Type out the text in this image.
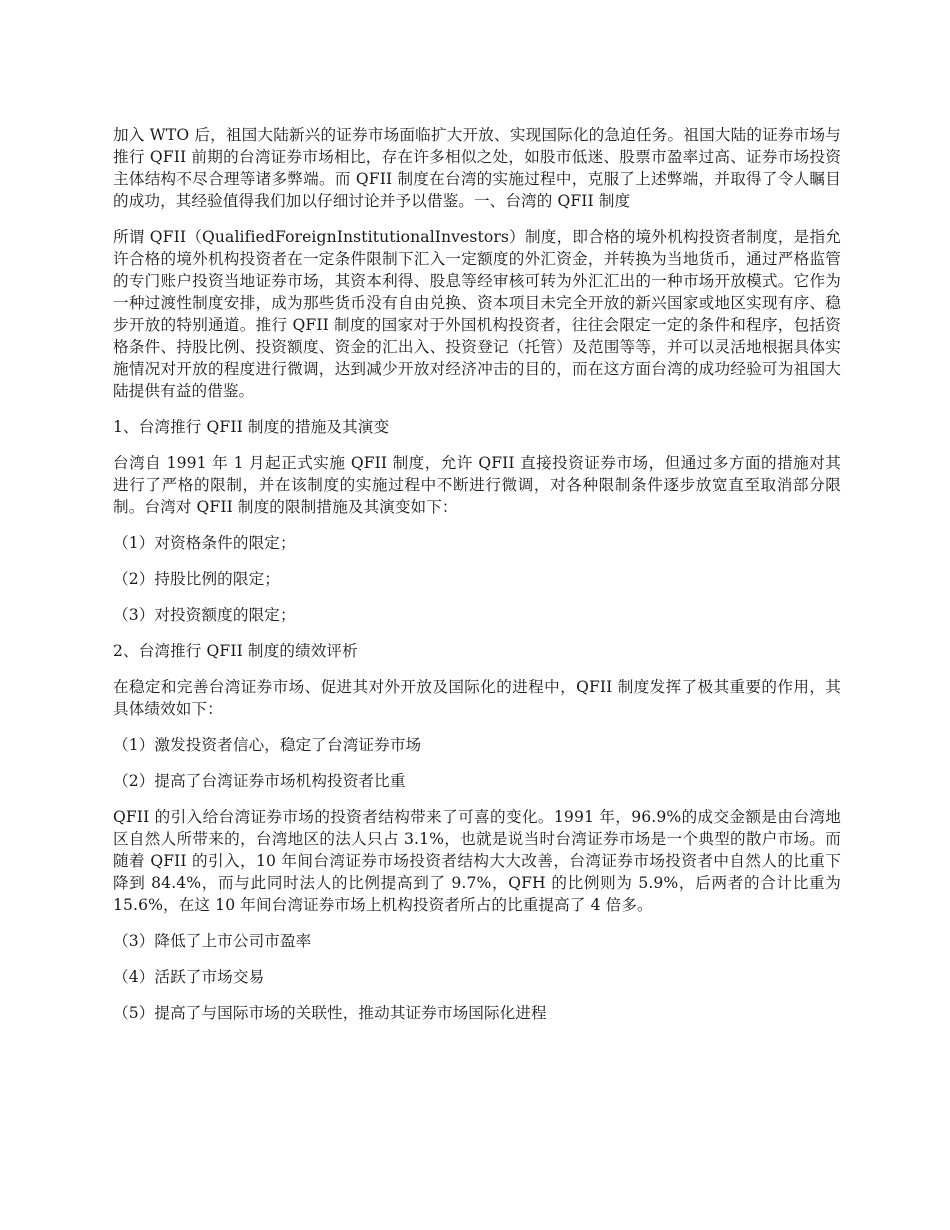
加入 WTO 后，祖国大陆新兴的证券市场面临扩大开放、实现国际化的急迫任务。祖国大陆的证券市场与推行 QFII 前期的台湾证券市场相比，存在许多相似之处，如股市低迷、股票市盈率过高、证券市场投资主体结构不尽合理等诸多弊端。而 QFII 制度在台湾的实施过程中，克服了上述弊端，并取得了令人瞩目的成功，其经验值得我们加以仔细讨论并予以借鉴。一、台湾的 QFII 制度

所谓 QFII（QualifiedForeignInstitutionalInvestors）制度，即合格的境外机构投资者制度，是指允许合格的境外机构投资者在一定条件限制下汇入一定额度的外汇资金，并转换为当地货币，通过严格监管的专门账户投资当地证券市场，其资本利得、股息等经审核可转为外汇汇出的一种市场开放模式。它作为一种过渡性制度安排，成为那些货币没有自由兑换、资本项目未完全开放的新兴国家或地区实现有序、稳步开放的特别通道。推行 QFII 制度的国家对于外国机构投资者，往往会限定一定的条件和程序，包括资格条件、持股比例、投资额度、资金的汇出入、投资登记（托管）及范围等等，并可以灵活地根据具体实施情况对开放的程度进行微调，达到减少开放对经济冲击的目的，而在这方面台湾的成功经验可为祖国大陆提供有益的借鉴。

1、台湾推行 QFII 制度的措施及其演变

台湾自 1991 年 1 月起正式实施 QFII 制度，允许 QFII 直接投资证券市场，但通过多方面的措施对其进行了严格的限制，并在该制度的实施过程中不断进行微调，对各种限制条件逐步放宽直至取消部分限制。台湾对 QFII 制度的限制措施及其演变如下：

（1）对资格条件的限定；

（2）持股比例的限定；

（3）对投资额度的限定；

2、台湾推行 QFII 制度的绩效评析

在稳定和完善台湾证券市场、促进其对外开放及国际化的进程中，QFII 制度发挥了极其重要的作用，其具体绩效如下：

（1）激发投资者信心，稳定了台湾证券市场

（2）提高了台湾证券市场机构投资者比重

QFII 的引入给台湾证券市场的投资者结构带来了可喜的变化。1991 年，96.9%的成交金额是由台湾地区自然人所带来的，台湾地区的法人只占 3.1%，也就是说当时台湾证券市场是一个典型的散户市场。而随着 QFII 的引入，10 年间台湾证券市场投资者结构大大改善，台湾证券市场投资者中自然人的比重下降到 84.4%，而与此同时法人的比例提高到了 9.7%，QFH 的比例则为 5.9%，后两者的合计比重为 15.6%，在这 10 年间台湾证券市场上机构投资者所占的比重提高了 4 倍多。

（3）降低了上市公司市盈率

（4）活跃了市场交易

（5）提高了与国际市场的关联性，推动其证券市场国际化进程
